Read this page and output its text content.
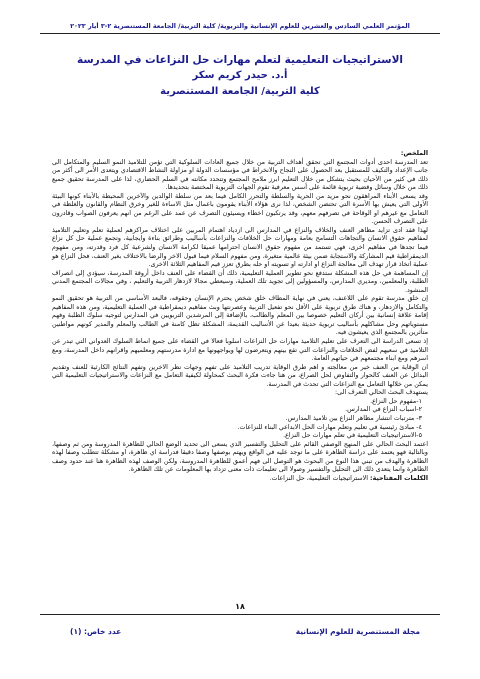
المؤتمر العلمي السادس والعشرين للعلوم الإنسانية والتربوية/ كلية التربية/ الجامعة المستنصرية ٢-٣ أيار ٢٠٢٣
الاستراتيجيات التعليمية لتعلم مهارات حل النزاعات في المدرسة
أ.د. حيدر كريم سكر
كلية التربية/ الجامعة المستنصرية

الملخص:

تعد المدرسة احدى أدوات المجتمع التي تحقق أهداف التربية من خلال جميع العادات السلوكية التي تؤمن للتلاميذ النمو السليم والمتكامل الى جانب الإعداد والتكيف للمستقبل بعد الحصول على النجاح والانخراط في مؤسسات الدولة او مزاولة النشاط الاقتصادي ويتعدى الأمر الى أكثر من ذلك في كثير من الأحيان بحيث يتشكل من خلال التعليم ابرز ملامح المجتمع وتتحدد مكانته في السلم الحضاري، لذا على المدرسة تحقيق جميع ذلك من خلال وسائل وقضية تربوية قائمة على أسس معرفية تقوم الجهات التربوية المختصة بتحديدها.

وقد يسعى الأبناء المراهقون نحو مزيد من الحرية والسلطة والتحرر الكامل فيما بعد من سلطة الوالدين والآخرين المحيطة بالأبناء كونها البيئة الأولى التي يعيش بها الأسرة التي تحتضن الشخص، لذا نرى هؤلاء الأبناء يقومون باعمال مثل الاساءة للغير وخرق النظام والقانون والغلظة في التعامل مع غيرهم او الوقاحة في تصرفهم معهم، وقد يرتكبون اخطاء ويسيئون التصرف عن عمد على الرغم من انهم يعرفون الصواب وقادرون على التصرف الحسن.

لهذا فقد ادى تزايد مظاهر العنف والخلاف والنزاع في المدارس الى ازدياد اهتمام المربين على اختلاف مراكزهم لعملية تعلم وتعليم التلاميذ لمفاهيم حقوق الانسان والتجاهات التسامح بعامة ومهارات حل الخلافات والنزاعات بأساليب وطرائق بناءة وايجابية، وتجمع عملية حل كل نزاع فيما تجدها في مفاهيم اخرى، فهي تستمد من مفهوم حقوق الانسان احترامها عميقا لكرامة الانسان ولشرعية كل فرد وقدرته، ومن مفهوم الديمقراطية قيم المشاركة والاستجابة ضمن بيئة عالمية متغيرة، ومن مفهوم السلام فيما قبول الاخر والرضا بالاختلاف بغير العنف، فحل النزاع هو عملية اتخاذ قرار تهدف الى معالجة النزاع او ادارته او تسويته او حله بطرق تعزز قيم المفاهيم الثلاثة الاخرى.

إن المساهمة في حل هذه المشكلة ستدفع نحو تطوير العملية التعليمية، ذلك أن القضاء على العنف داخل أروقة المدرسة، سيؤدي إلى انصراف الطلبة، والمعلمين، ومديري المدارس، والمسؤولين إلى تجويد تلك العملية، وسيعطي مجالا لازدهار التربية والتعليم ، وفي مجالات المجتمع المدني المنشود.

إن خلق مدرسة تقوم على اللاعنف، يعني في نهاية المطاف خلق شخص يحترم الإنسان وحقوقه، فالبعد الأساسي من التربية هو تحقيق النمو والتكامل والازدهار، و هناك طرق تربوية على الأقل نحو تفعيل التربية وعصرنتها وبث مفاهيم ديمقراطية في العملية التعليمية، ومن هذه المفاهيم إقامة علاقة إنسانية بين أركان التعليم خصوصا بين المعلم والطالب، بالإضافة إلى المرشدين التربويين في المدارس لتوجيه سلوك الطلبة وفهم مستوياتهم وحل مشاكلهم بأساليب تربوية حديثة بعيدا عن الأساليب القديمة، المشكلة تظل كامنة في الطالب والمعلم والمدير كونهم مواطنين متأثرين بالمجتمع الذي يعيشون فيه.

إذ تسعى الدراسة الى التعرف على تعليم التلاميذ مهارات حل النزاعات اسلوبا فعالا في القضاء على جميع انماط السلوك العدواني التي تبدر عن التلاميذ في سعيهم لفض الخلافات والنزاعات التي تقع بينهم ويتعرضون لها ويواجهونها مع ادارة مدرستهم ومعلميهم واقرانهم داخل المدرسة، ومع اسرهم ومع ابناء مجتمعهم في حياتهم العامة.

ان الوقاية من العنف خير من معالجته و اهم طرق الوقاية تدريب التلاميذ على تفهم وجهات نظر الاخرين وتفهم النتائج الكارثية للعنف وتقديم البدائل عن العنف كالحوار والتفاوض لحل الصراع، من هنا جاءت فكرة البحث كمحاولة لكيفية التعامل مع النزاعات والاستراتيجيات التعليمية التي يمكن من خلالها التعامل مع النزاعات التي تحدث في المدرسة.

يستهدف البحث الحالي التعرف الى:

١-مفهوم حل النزاع.

٢-اسباب النزاع في المدارس.

٣- مترتبات انتشار مظاهر النزاع بين تلاميذ المدارس.

٤- مبادئ رئيسية في تعليم وتعلم مهارات الحل الابداعي البناء للنزاعات.

٥-الاستراتيجيات التعليمية في تعلم مهارات حل النزاع.

اعتمد البحث الحالي على المنهج الوصفي القائم على التحليل والتفسير الذي يسعى الى تحديد الوضع الحالي للظاهرة المدروسة ومن ثم وصفها، وبالتالية فهو يعتمد على دراسة الظاهرة على ما توجد عليه في الواقع ويهتم بوصفها وصفا دقيقا فدراسة اي ظاهرة، او مشكلة تتطلب وصفا لهذه الظاهرة والهدف من تبني هذا النوع من البحوث هو التوصل الى فهم أعمق للظاهرة المدروسة، ولكن الوصف لهذه الظاهرة هنا عند حدود وصف الظاهرة وانما يتعدى ذلك الى التحليل والتفسير وصولا الى تعليمات ذات معنى تزداد بها المعلومات عن تلك الظاهرة.

الكلمات المفتاحية: الاستراتيجيات التعليمية، حل النزاعات.

١٨
مجلة المستنصرية للعلوم الإنسانية
عدد خاص: (١)
